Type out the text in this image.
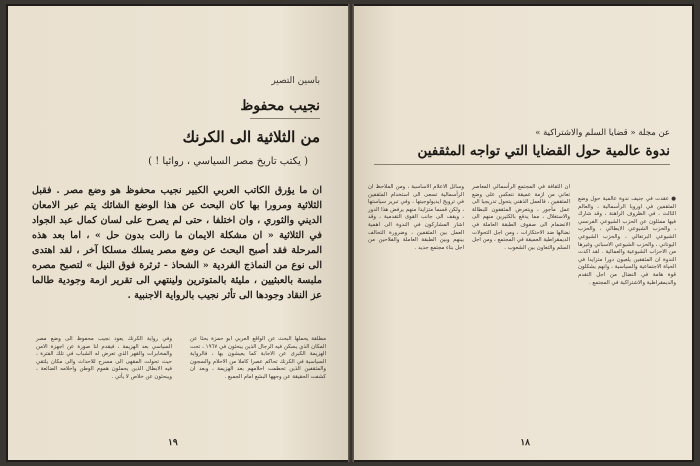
باسين التصير
نجيب محفوظ
من الثلاثية الى الكرنك
( يكتب تاريخ مصر السياسي ، روائيا ! )
ان ما يؤرق الكاتب العربي الكبير نجيب محفوظ هو وضع مصر . فقبل الثلاثية ومرورا بها كان البحث عن هذا الوضع الشائك يتم عبر الامعان الديني والثوري ، وان اختلفا ، حتى لم يصرح على لسان كمال عبد الجواد في الثلاثية « ان مشكلة الايمان ما زالت بدون حل » ، اما بعد هذه المرحلة فقد أصبح البحث عن وضع مصر يسلك مسلكا آخر ، لقد اهتدى الى نوع من النماذج الفردية « الشحاذ - ثرثرة فوق النيل » لتصبح مصره ملبسة بالعبثيين ، مليئة بالمتوترين ولينتهي الى تقرير ازمة وجودية طالما عز النقاد وجودها الى تأثر نجيب بالرواية الاجنبية .

مطلقة يحملها البحث عن الواقع العربي ابو حمزة بحثا عن المكان الذي يسكن فيه الرجال الذين يبحثون في ١٩٦٧ ، تحت الهزيمة الكبرى عن الاجابة كما يعيشون بها ، فالرواية السياسية في الكرنك تحاكم عصرا كاملا من الاحلام والسجون والمثقفين الذين تحطمت احلامهم بعد الهزيمة ، وبعد ان كشفت الحقيقة عن وجهها البشع امام الجميع .

وفي رواية الكرنك يعود نجيب محفوظ الى وضع مصر السياسي بعد الهزيمة ، فيقدم لنا صورة عن اجهزة الامن والمخابرات والقهر الذي تعرض له الشباب في تلك الفترة ، حيث تحولت المقهى الى مسرح للاحداث والى مكان يلتقي فيه الابطال الذين يحملون هموم الوطن واحلامه الضائعة ، ويبحثون عن خلاص لا يأتي .

١٩
عن مجلة « قضايا السلم والاشتراكية »
ندوة عالمية حول القضايا التي تواجه المثقفين

● عقدت في جنيف ندوة عالمية حول وضع المثقفين في اوروبا الرأسمالية ، والعالم الثالث ، في الظروف الراهنة ، وقد شارك فيها ممثلون عن الحزب الشيوعي الفرنسي ، والحزب الشيوعي الايطالي ، والحزب الشيوعي البرتغالي ، والحزب الشيوعي اليوناني ، والحزب الشيوعي الاسباني وغيرها من الاحزاب الشيوعية والعمالية . لقد اكدت الندوة ان المثقفين يلعبون دورا متزايدا في الحياة الاجتماعية والسياسية ، وانهم يشكلون قوة هامة في النضال من اجل التقدم والديمقراطية والاشتراكية في المجتمع .

ان الثقافة في المجتمع الرأسمالي المعاصر تعاني من ازمة عميقة تنعكس على وضع المثقفين ، فالعمل الذهني يتحول تدريجيا الى عمل مأجور ، ويتعرض المثقفون للبطالة والاستغلال ، مما يدفع بالكثيرين منهم الى الانضمام الى صفوف الطبقة العاملة في نضالها ضد الاحتكارات ، ومن اجل التحولات الديمقراطية العميقة في المجتمع ، ومن اجل السلم والتعاون بين الشعوب .

وسائل الاعلام الاساسية ، ومن الملاحظ ان الرأسمالية تسعى الى استخدام المثقفين في ترويج ايديولوجيتها ، وفي تبرير سياستها ، ولكن قسما متزايدا منهم يرفض هذا الدور ، ويقف الى جانب القوى التقدمية ، وقد اشار المشاركون في الندوة الى اهمية العمل بين المثقفين ، وضرورة التحالف بينهم وبين الطبقة العاملة والفلاحين من اجل بناء مجتمع جديد .

١٨
